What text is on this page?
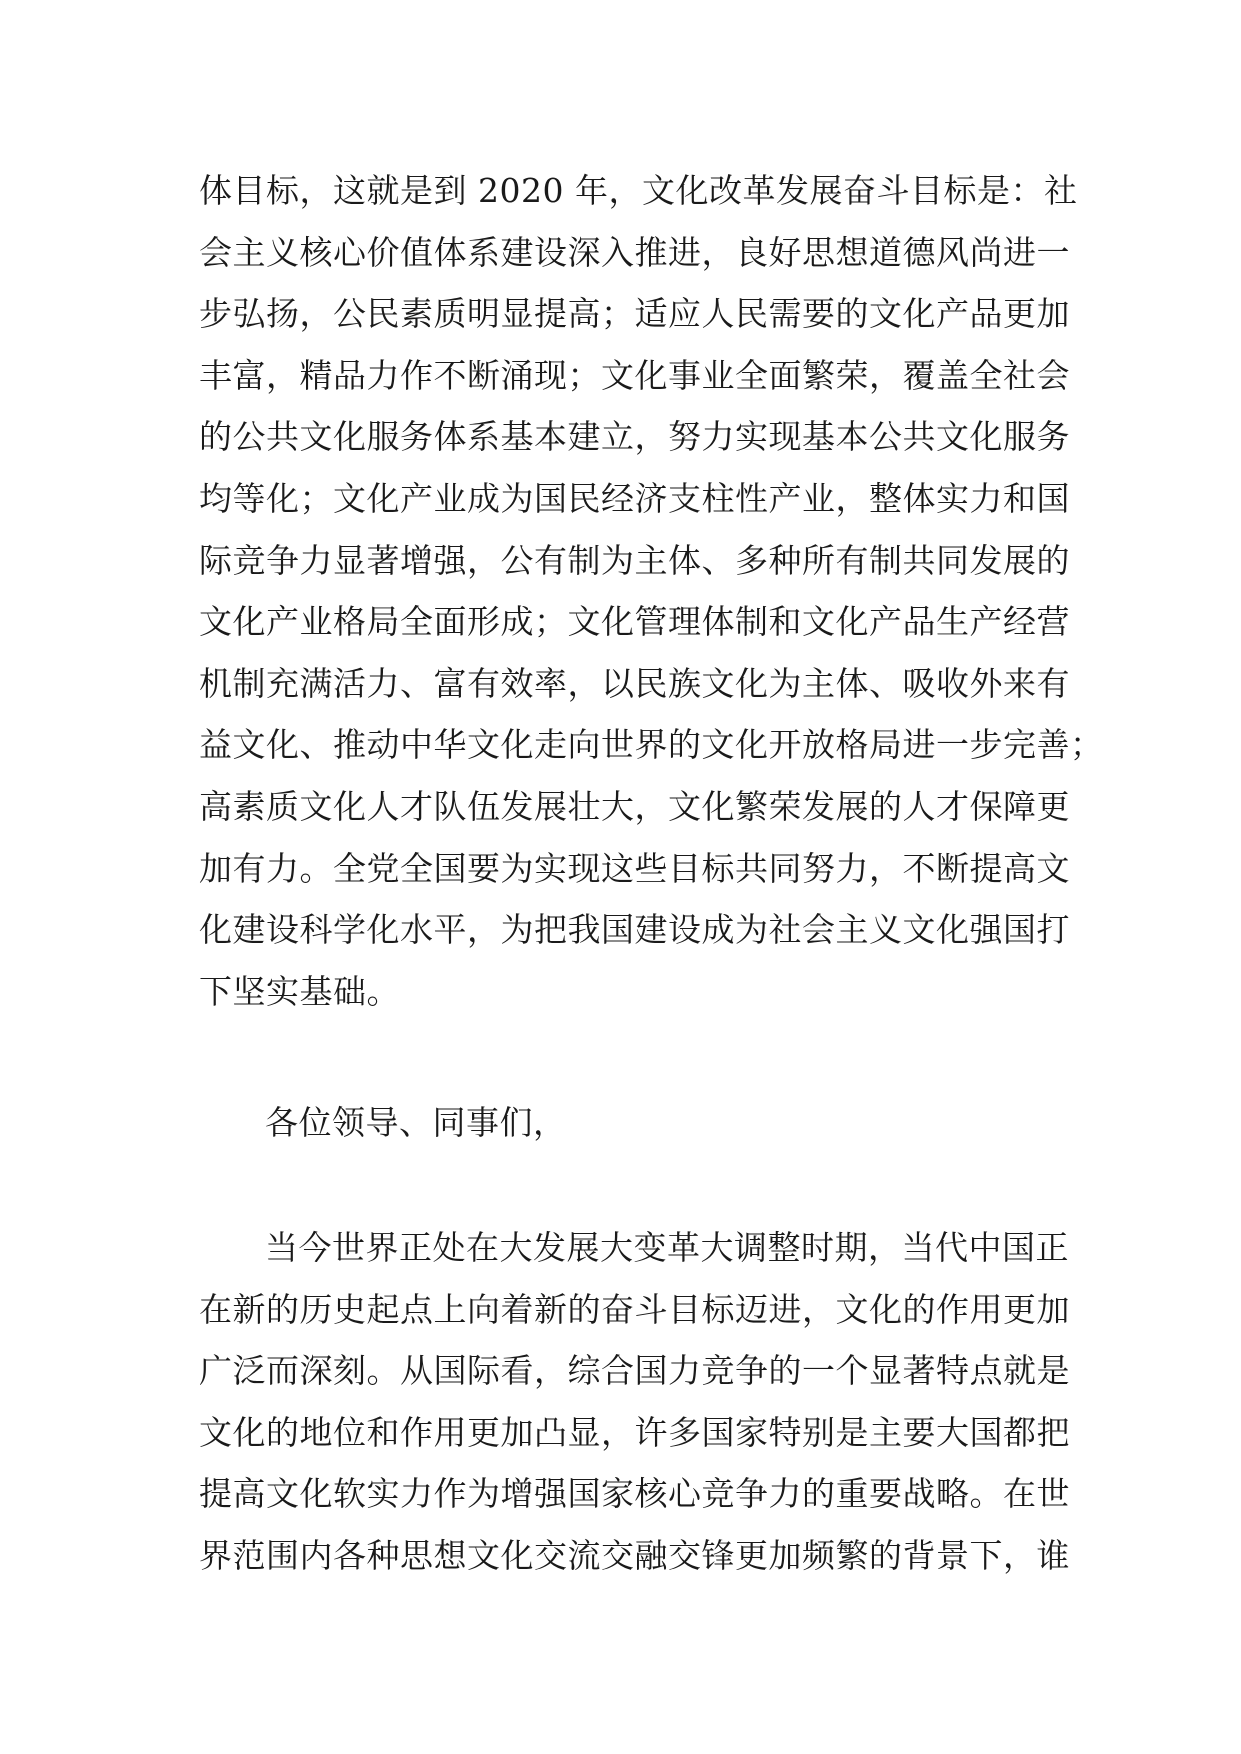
体目标，这就是到 2020 年，文化改革发展奋斗目标是：社
会主义核心价值体系建设深入推进，良好思想道德风尚进一
步弘扬，公民素质明显提高；适应人民需要的文化产品更加
丰富，精品力作不断涌现；文化事业全面繁荣，覆盖全社会
的公共文化服务体系基本建立，努力实现基本公共文化服务
均等化；文化产业成为国民经济支柱性产业，整体实力和国
际竞争力显著增强，公有制为主体、多种所有制共同发展的
文化产业格局全面形成；文化管理体制和文化产品生产经营
机制充满活力、富有效率，以民族文化为主体、吸收外来有
益文化、推动中华文化走向世界的文化开放格局进一步完善；
高素质文化人才队伍发展壮大，文化繁荣发展的人才保障更
加有力。全党全国要为实现这些目标共同努力，不断提高文
化建设科学化水平，为把我国建设成为社会主义文化强国打
下坚实基础。
各位领导、同事们，
当今世界正处在大发展大变革大调整时期，当代中国正
在新的历史起点上向着新的奋斗目标迈进，文化的作用更加
广泛而深刻。从国际看，综合国力竞争的一个显著特点就是
文化的地位和作用更加凸显，许多国家特别是主要大国都把
提高文化软实力作为增强国家核心竞争力的重要战略。在世
界范围内各种思想文化交流交融交锋更加频繁的背景下，谁
